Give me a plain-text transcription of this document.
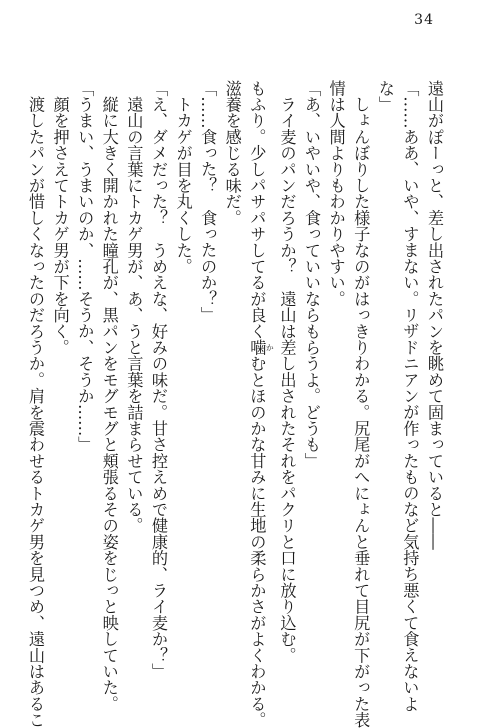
34
遠山がぽーっと、差し出されたパンを眺めて固まっていると――
「……ああ、いや、すまない。リザドニアンが作ったものなど気持ち悪くて食えないよ
な」
　しょんぼりした様子なのがはっきりわかる。尻尾がへにょんと垂れて目尻が下がった表
情は人間よりもわかりやすい。
「あ、いやいや、食っていいならもらうよ。どうも」
　ライ麦のパンだろうか？　遠山は差し出されたそれをパクリと口に放り込む。
もふり。少しパサパサしてるが良く噛 かむとほのかな甘みに生地の柔らかさがよくわかる。
滋養を感じる味だ。
「……食った？　食ったのか？」
　トカゲが目を丸くした。
「え、ダメだった？　うめえな、好みの味だ。甘さ控えめで健康的、ライ麦か？」
　遠山の言葉にトカゲ男が、あ、うと言葉を詰まらせている。
　縦に大きく開かれた瞳孔が、黒パンをモグモグと頬張るその姿をじっと映していた。
「うまい、うまいのか、……そうか、そうか……」
　顔を押さえてトカゲ男が下を向く。
　渡したパンが惜しくなったのだろうか。肩を震わせるトカゲ男を見つめ、遠山はあるこ
